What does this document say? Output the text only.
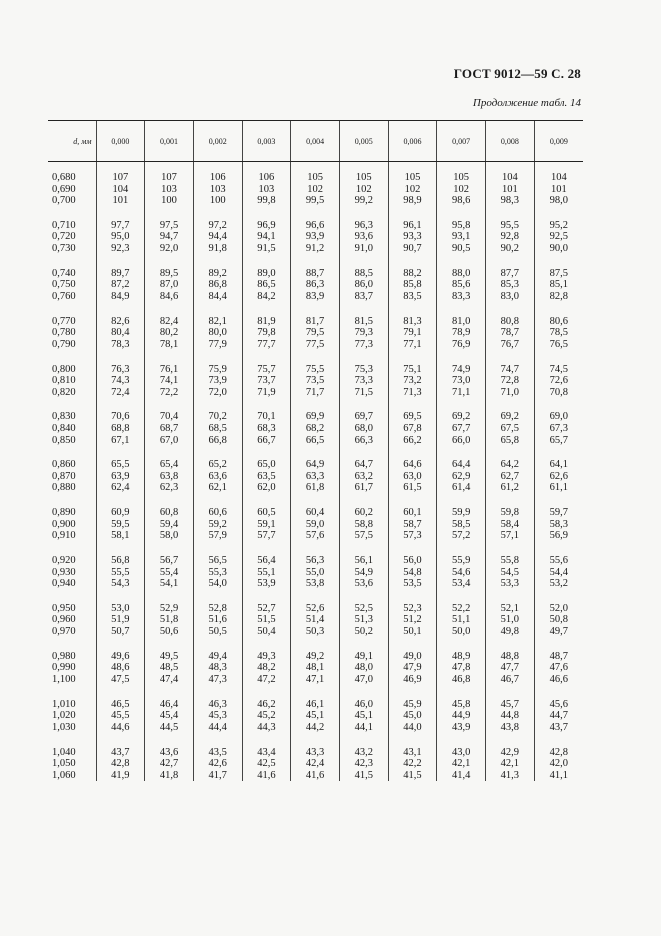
ГОСТ 9012—59 С. 28
Продолжение табл. 14
d, мм	0,000	0,001	0,002	0,003	0,004	0,005	0,006	0,007	0,008	0,009

0,680	107	107	106	106	105	105	105	105	104	104
0,690	104	103	103	103	102	102	102	102	101	101
0,700	101	100	100	99,8	99,5	99,2	98,9	98,6	98,3	98,0

0,710	97,7	97,5	97,2	96,9	96,6	96,3	96,1	95,8	95,5	95,2
0,720	95,0	94,7	94,4	94,1	93,9	93,6	93,3	93,1	92,8	92,5
0,730	92,3	92,0	91,8	91,5	91,2	91,0	90,7	90,5	90,2	90,0

0,740	89,7	89,5	89,2	89,0	88,7	88,5	88,2	88,0	87,7	87,5
0,750	87,2	87,0	86,8	86,5	86,3	86,0	85,8	85,6	85,3	85,1
0,760	84,9	84,6	84,4	84,2	83,9	83,7	83,5	83,3	83,0	82,8

0,770	82,6	82,4	82,1	81,9	81,7	81,5	81,3	81,0	80,8	80,6
0,780	80,4	80,2	80,0	79,8	79,5	79,3	79,1	78,9	78,7	78,5
0,790	78,3	78,1	77,9	77,7	77,5	77,3	77,1	76,9	76,7	76,5

0,800	76,3	76,1	75,9	75,7	75,5	75,3	75,1	74,9	74,7	74,5
0,810	74,3	74,1	73,9	73,7	73,5	73,3	73,2	73,0	72,8	72,6
0,820	72,4	72,2	72,0	71,9	71,7	71,5	71,3	71,1	71,0	70,8

0,830	70,6	70,4	70,2	70,1	69,9	69,7	69,5	69,2	69,2	69,0
0,840	68,8	68,7	68,5	68,3	68,2	68,0	67,8	67,7	67,5	67,3
0,850	67,1	67,0	66,8	66,7	66,5	66,3	66,2	66,0	65,8	65,7

0,860	65,5	65,4	65,2	65,0	64,9	64,7	64,6	64,4	64,2	64,1
0,870	63,9	63,8	63,6	63,5	63,3	63,2	63,0	62,9	62,7	62,6
0,880	62,4	62,3	62,1	62,0	61,8	61,7	61,5	61,4	61,2	61,1

0,890	60,9	60,8	60,6	60,5	60,4	60,2	60,1	59,9	59,8	59,7
0,900	59,5	59,4	59,2	59,1	59,0	58,8	58,7	58,5	58,4	58,3
0,910	58,1	58,0	57,9	57,7	57,6	57,5	57,3	57,2	57,1	56,9

0,920	56,8	56,7	56,5	56,4	56,3	56,1	56,0	55,9	55,8	55,6
0,930	55,5	55,4	55,3	55,1	55,0	54,9	54,8	54,6	54,5	54,4
0,940	54,3	54,1	54,0	53,9	53,8	53,6	53,5	53,4	53,3	53,2

0,950	53,0	52,9	52,8	52,7	52,6	52,5	52,3	52,2	52,1	52,0
0,960	51,9	51,8	51,6	51,5	51,4	51,3	51,2	51,1	51,0	50,8
0,970	50,7	50,6	50,5	50,4	50,3	50,2	50,1	50,0	49,8	49,7

0,980	49,6	49,5	49,4	49,3	49,2	49,1	49,0	48,9	48,8	48,7
0,990	48,6	48,5	48,3	48,2	48,1	48,0	47,9	47,8	47,7	47,6
1,100	47,5	47,4	47,3	47,2	47,1	47,0	46,9	46,8	46,7	46,6

1,010	46,5	46,4	46,3	46,2	46,1	46,0	45,9	45,8	45,7	45,6
1,020	45,5	45,4	45,3	45,2	45,1	45,1	45,0	44,9	44,8	44,7
1,030	44,6	44,5	44,4	44,3	44,2	44,1	44,0	43,9	43,8	43,7

1,040	43,7	43,6	43,5	43,4	43,3	43,2	43,1	43,0	42,9	42,8
1,050	42,8	42,7	42,6	42,5	42,4	42,3	42,2	42,1	42,1	42,0
1,060	41,9	41,8	41,7	41,6	41,6	41,5	41,5	41,4	41,3	41,1
